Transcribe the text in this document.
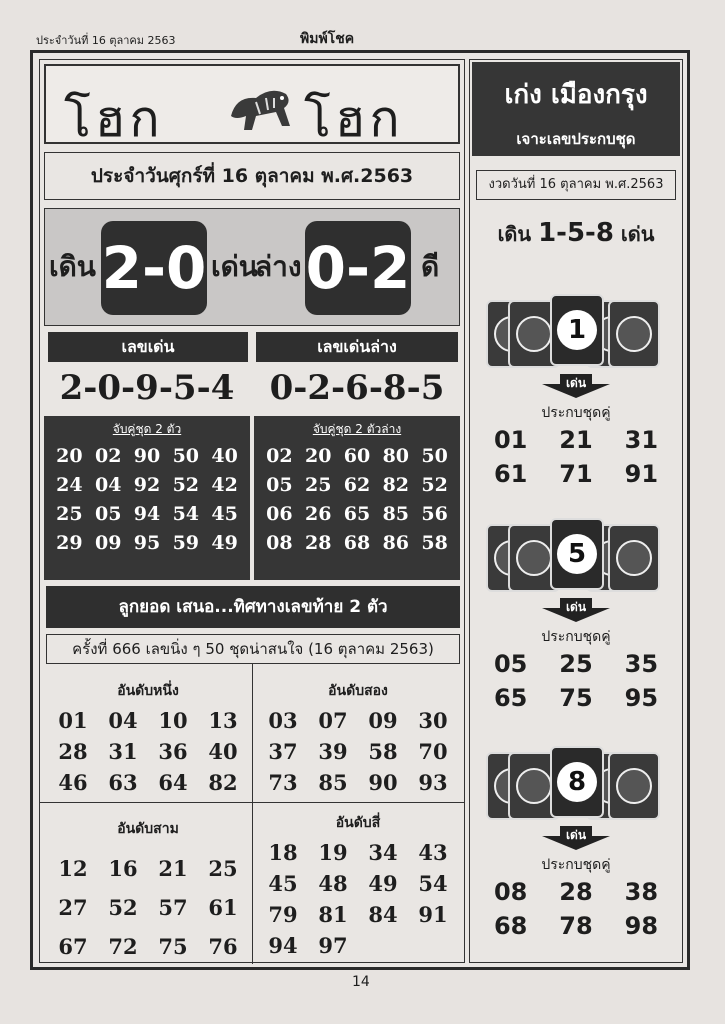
ประจำวันที่ 16 ตุลาคม 2563	พิมพ์โชค
โฮก	โฮก
ประจำวันศุกร์ที่ 16 ตุลาคม พ.ศ.2563
เดิน 2-0 เด่น
ล่าง 0-2 ดี
เลขเด่น	เลขเด่นล่าง
2-0-9-5-4	0-2-6-8-5
จับคู่ชุด 2 ตัว
20 02 90 50 40
24 04 92 52 42
25 05 94 54 45
29 09 95 59 49
จับคู่ชุด 2 ตัวล่าง
02 20 60 80 50
05 25 62 82 52
06 26 65 85 56
08 28 68 86 58
ลูกยอด เสนอ...ทิศทางเลขท้าย 2 ตัว
ครั้งที่ 666 เลขนิ่ง ๆ 50 ชุดน่าสนใจ (16 ตุลาคม 2563)
อันดับหนึ่ง
01 04 10 13
28 31 36 40
46 63 64 82
อันดับสอง
03 07 09 30
37 39 58 70
73 85 90 93
อันดับสาม
12 16 21 25
27 52 57 61
67 72 75 76
อันดับสี่
18 19 34 43
45 48 49 54
79 81 84 91
94 97
เก่ง เมืองกรุง
เจาะเลขประกบชุด
งวดวันที่ 16 ตุลาคม พ.ศ.2563
เดิน 1-5-8 เด่น
1
เด่น
ประกบชุดคู่
01	21	31
61	71	91
5
เด่น
ประกบชุดคู่
05	25	35
65	75	95
8
เด่น
ประกบชุดคู่
08	28	38
68	78	98
14
